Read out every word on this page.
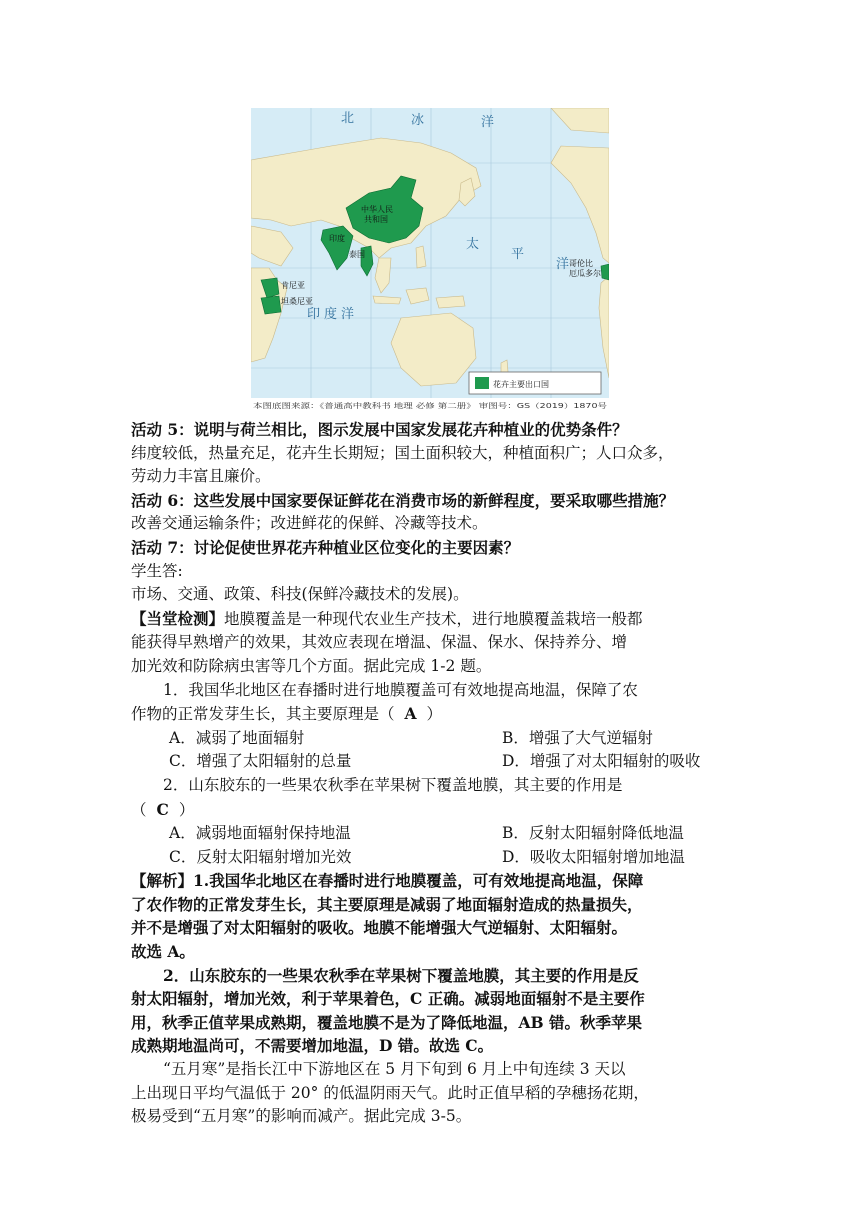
北	冰	洋
太
平
洋
印度洋
中华人民
共和国
印度
泰国
肯尼亚
坦桑尼亚
哥伦比
厄瓜多尔
花卉主要出口国
本图底图来源：《普通高中教科书 地理 必修 第二册》 审图号：GS（2019）1870号

活动 5：说明与荷兰相比，图示发展中国家发展花卉种植业的优势条件？

纬度较低，热量充足，花卉生长期短；国土面积较大，种植面积广；人口众多，

劳动力丰富且廉价。

活动 6：这些发展中国家要保证鲜花在消费市场的新鲜程度，要采取哪些措施？

改善交通运输条件；改进鲜花的保鲜、冷藏等技术。

活动 7：讨论促使世界花卉种植业区位变化的主要因素？

学生答:

市场、交通、政策、科技(保鲜冷藏技术的发展)。

【当堂检测】地膜覆盖是一种现代农业生产技术，进行地膜覆盖栽培一般都

能获得早熟增产的效果，其效应表现在增温、保温、保水、保持养分、增

加光效和防除病虫害等几个方面。据此完成 1-2 题。

1．我国华北地区在春播时进行地膜覆盖可有效地提高地温，保障了农

作物的正常发芽生长，其主要原理是（ A ）

A．减弱了地面辐射	B．增强了大气逆辐射
C．增强了太阳辐射的总量	D．增强了对太阳辐射的吸收

2．山东胶东的一些果农秋季在苹果树下覆盖地膜，其主要的作用是

（ C ）

A．减弱地面辐射保持地温	B．反射太阳辐射降低地温
C．反射太阳辐射增加光效	D．吸收太阳辐射增加地温

【解析】1.我国华北地区在春播时进行地膜覆盖，可有效地提高地温，保障

了农作物的正常发芽生长，其主要原理是减弱了地面辐射造成的热量损失，

并不是增强了对太阳辐射的吸收。地膜不能增强大气逆辐射、太阳辐射。

故选 A。

2．山东胶东的一些果农秋季在苹果树下覆盖地膜，其主要的作用是反

射太阳辐射，增加光效，利于苹果着色，C 正确。减弱地面辐射不是主要作

用，秋季正值苹果成熟期，覆盖地膜不是为了降低地温，AB 错。秋季苹果

成熟期地温尚可，不需要增加地温，D 错。故选 C。

“五月寒”是指长江中下游地区在 5 月下旬到 6 月上中旬连续 3 天以

上出现日平均气温低于 20° 的低温阴雨天气。此时正值早稻的孕穗扬花期，

极易受到“五月寒”的影响而减产。据此完成 3-5。
